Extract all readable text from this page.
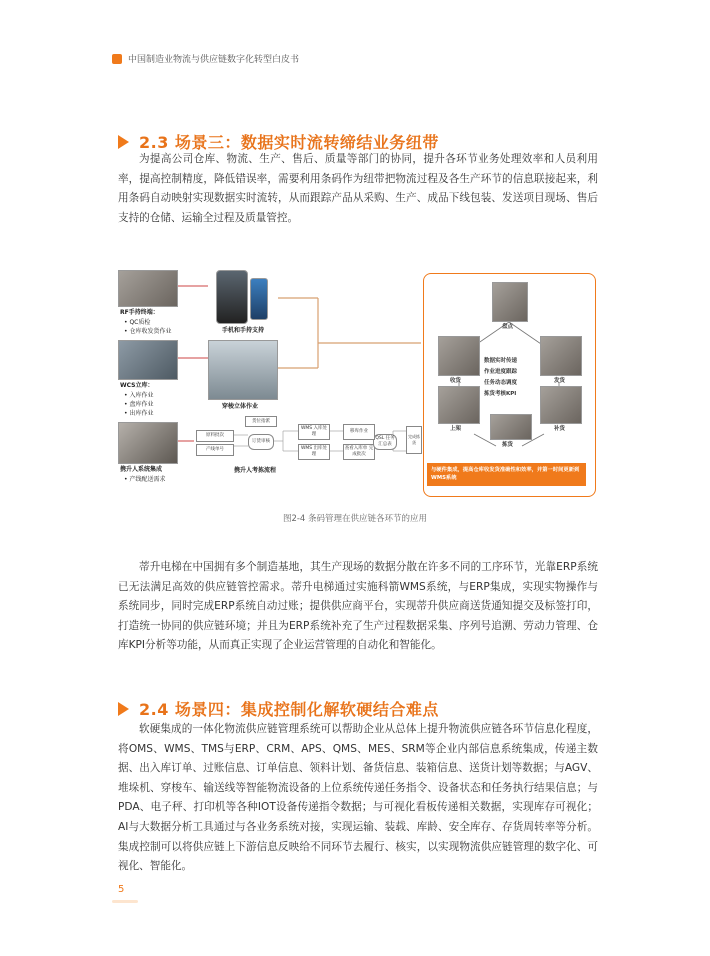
中国制造业物流与供应链数字化转型白皮书
2.3 场景三：数据实时流转缔结业务纽带

为提高公司仓库、物流、生产、售后、质量等部门的协同，提升各环节业务处理效率和人员利用率，提高控制精度，降低错误率，需要利用条码作为纽带把物流过程及各生产环节的信息联接起来，利用条码自动映射实现数据实时流转，从而跟踪产品从采购、生产、成品下线包装、发送项目现场、售后支持的仓储、运输全过程及质量管控。

RF手持终端：
• QC质检
• 仓库收发货作业
WCS立库：
• 入库作业
• 盘库作业
• 出库作业
携升人系统集成
• 产线配送需求
手机和手持支持
穿梭立体作业
原料批次
产线单号
订货审核
WMS 入库处理
WMS 出库处理
货位指派
查看入库单 完成批次
QSL 任务汇总表
移库作业
完成拣货
携升人考拣流程
盘点
收货	发货
上架	补货
拣货
数据实时传递
作业进度跟踪
任务动态调度
拣货考核KPI
与硬件集成，提高仓库收发货准确性和效率，并第一时间更新到WMS系统
图2-4 条码管理在供应链各环节的应用

蒂升电梯在中国拥有多个制造基地，其生产现场的数据分散在许多不同的工序环节，光靠ERP系统已无法满足高效的供应链管控需求。蒂升电梯通过实施科箭WMS系统，与ERP集成，实现实物操作与系统同步，同时完成ERP系统自动过账；提供供应商平台，实现蒂升供应商送货通知提交及标签打印，打造统一协同的供应链环境；并且为ERP系统补充了生产过程数据采集、序列号追溯、劳动力管理、仓库KPI分析等功能，从而真正实现了企业运营管理的自动化和智能化。

2.4 场景四：集成控制化解软硬结合难点

软硬集成的一体化物流供应链管理系统可以帮助企业从总体上提升物流供应链各环节信息化程度，将OMS、WMS、TMS与ERP、CRM、APS、QMS、MES、SRM等企业内部信息系统集成，传递主数据、出入库订单、过账信息、订单信息、领料计划、备货信息、装箱信息、送货计划等数据；与AGV、堆垛机、穿梭车、输送线等智能物流设备的上位系统传递任务指令、设备状态和任务执行结果信息；与PDA、电子秤、打印机等各种IOT设备传递指令数据；与可视化看板传递相关数据，实现库存可视化；AI与大数据分析工具通过与各业务系统对接，实现运输、装载、库龄、安全库存、存货周转率等分析。集成控制可以将供应链上下游信息反映给不同环节去履行、核实，以实现物流供应链管理的数字化、可视化、智能化。

5
